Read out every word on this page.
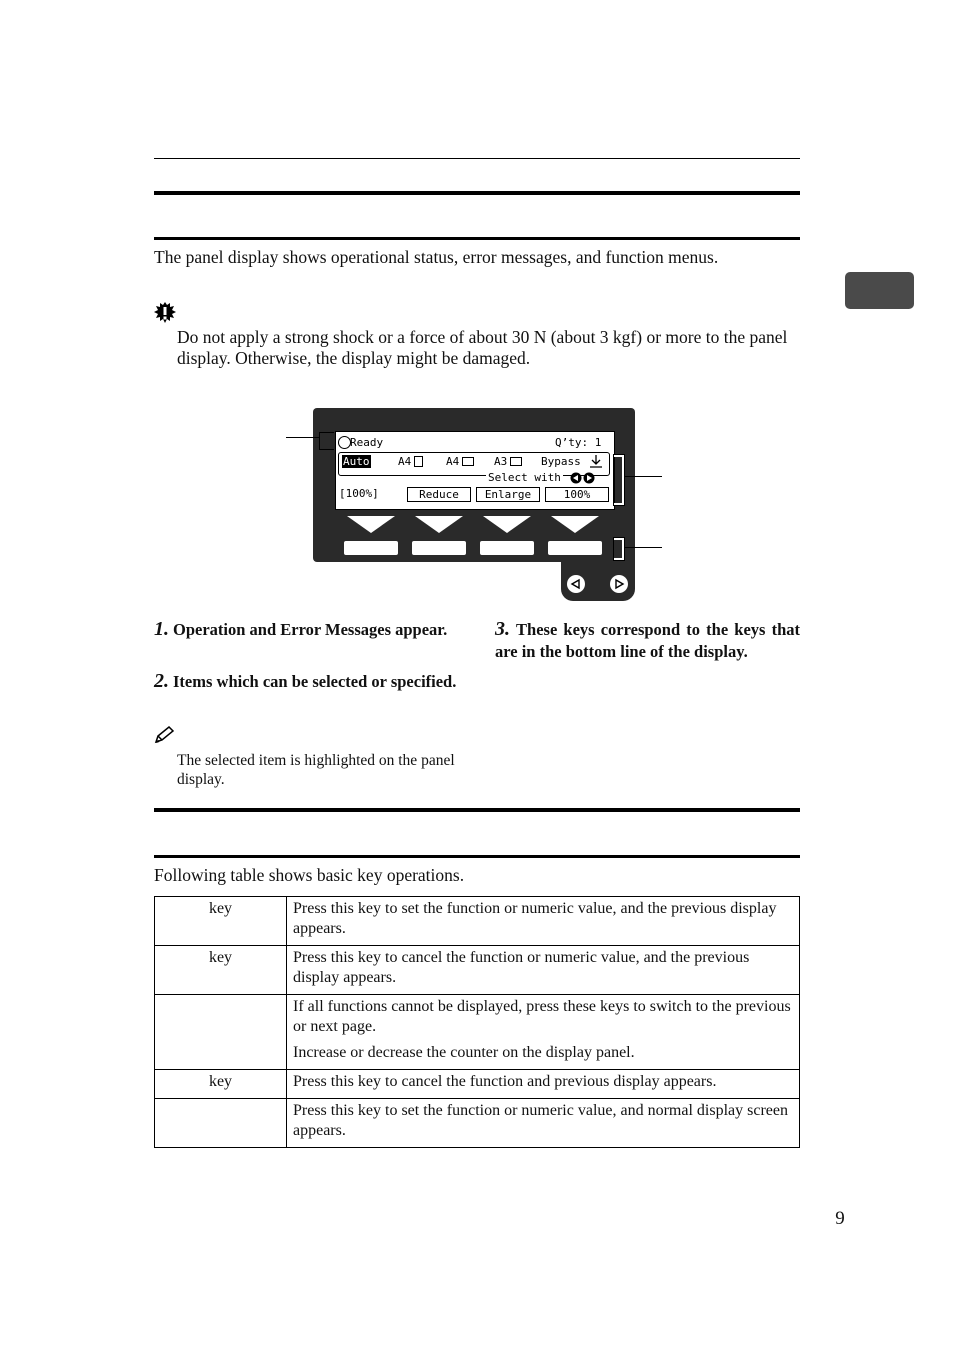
The panel display shows operational status, error messages, and function menus.
Do not apply a strong shock or a force of about 30 N (about 3 kgf) or more to the panel display. Otherwise, the display might be damaged.
Ready	Q’ty: 1
Auto	A4	A4	A3	Bypass
Select with
[100%]	Reduce	Enlarge	100%
1. Operation and Error Messages appear.
2. Items which can be selected or specified.
3. These keys correspond to the keys that are in the bottom line of the display.
The selected item is highlighted on the panel display.
Following table shows basic key operations.
key	Press this key to set the function or numeric value, and the previous display appears.

key	Press this key to cancel the function or numeric value, and the previous display appears.

	If all functions cannot be displayed, press these keys to switch to the previous or next page.

Increase or decrease the counter on the display panel.

key	Press this key to cancel the function and previous display appears.

	Press this key to set the function or numeric value, and normal display screen appears.

9
